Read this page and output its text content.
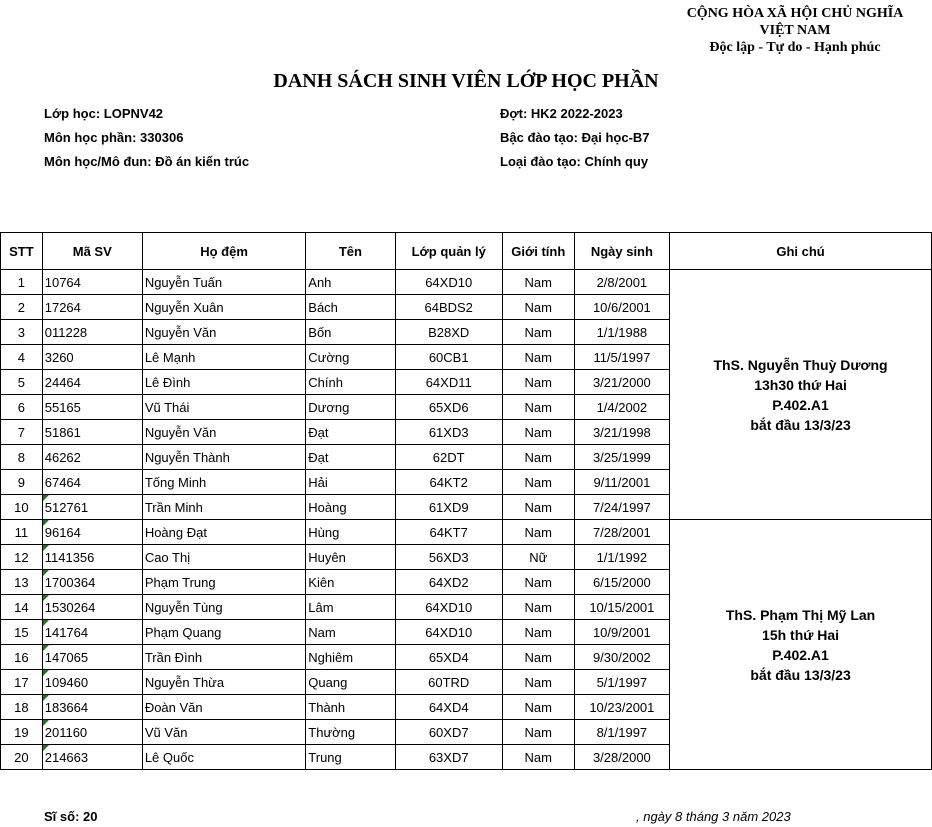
CỘNG HÒA XÃ HỘI CHỦ NGHĨA
VIỆT NAM
Độc lập - Tự do - Hạnh phúc
DANH SÁCH SINH VIÊN LỚP HỌC PHẦN
Lớp học: LOPNV42
Môn học phần: 330306
Môn học/Mô đun: Đồ án kiến trúc
Đợt: HK2 2022-2023
Bậc đào tạo: Đại học-B7
Loại đào tạo: Chính quy
STT	Mã SV	Họ đệm	Tên	Lớp quản lý	Giới tính	Ngày sinh	Ghi chú
1	10764	Nguyễn Tuấn	Anh	64XD10	Nam	2/8/2001	ThS. Nguyễn Thuỳ Dương
13h30 thứ Hai
P.402.A1
bắt đầu 13/3/23

2	17264	Nguyễn Xuân	Bách	64BDS2	Nam	10/6/2001	
3	011228	Nguyễn Văn	Bốn	B28XD	Nam	1/1/1988	
4	3260	Lê Mạnh	Cường	60CB1	Nam	11/5/1997	
5	24464	Lê Đình	Chính	64XD11	Nam	3/21/2000	
6	55165	Vũ Thái	Dương	65XD6	Nam	1/4/2002	
7	51861	Nguyễn Văn	Đạt	61XD3	Nam	3/21/1998	
8	46262	Nguyễn Thành	Đạt	62DT	Nam	3/25/1999	
9	67464	Tống Minh	Hải	64KT2	Nam	9/11/2001	
10	512761	Trần Minh	Hoàng	61XD9	Nam	7/24/1997	
11	96164	Hoàng Đạt	Hùng	64KT7	Nam	7/28/2001	ThS. Phạm Thị Mỹ Lan
15h thứ Hai
P.402.A1
bắt đầu 13/3/23

12	1141356	Cao Thị	Huyên	56XD3	Nữ	1/1/1992	
13	1700364	Phạm Trung	Kiên	64XD2	Nam	6/15/2000	
14	1530264	Nguyễn Tùng	Lâm	64XD10	Nam	10/15/2001	
15	141764	Phạm Quang	Nam	64XD10	Nam	10/9/2001	
16	147065	Trần Đình	Nghiêm	65XD4	Nam	9/30/2002	
17	109460	Nguyễn Thừa	Quang	60TRD	Nam	5/1/1997	
18	183664	Đoàn Văn	Thành	64XD4	Nam	10/23/2001	
19	201160	Vũ Văn	Thường	60XD7	Nam	8/1/1997	
20	214663	Lê Quốc	Trung	63XD7	Nam	3/28/2000	
Sĩ số: 20	, ngày 8 tháng 3 năm 2023
